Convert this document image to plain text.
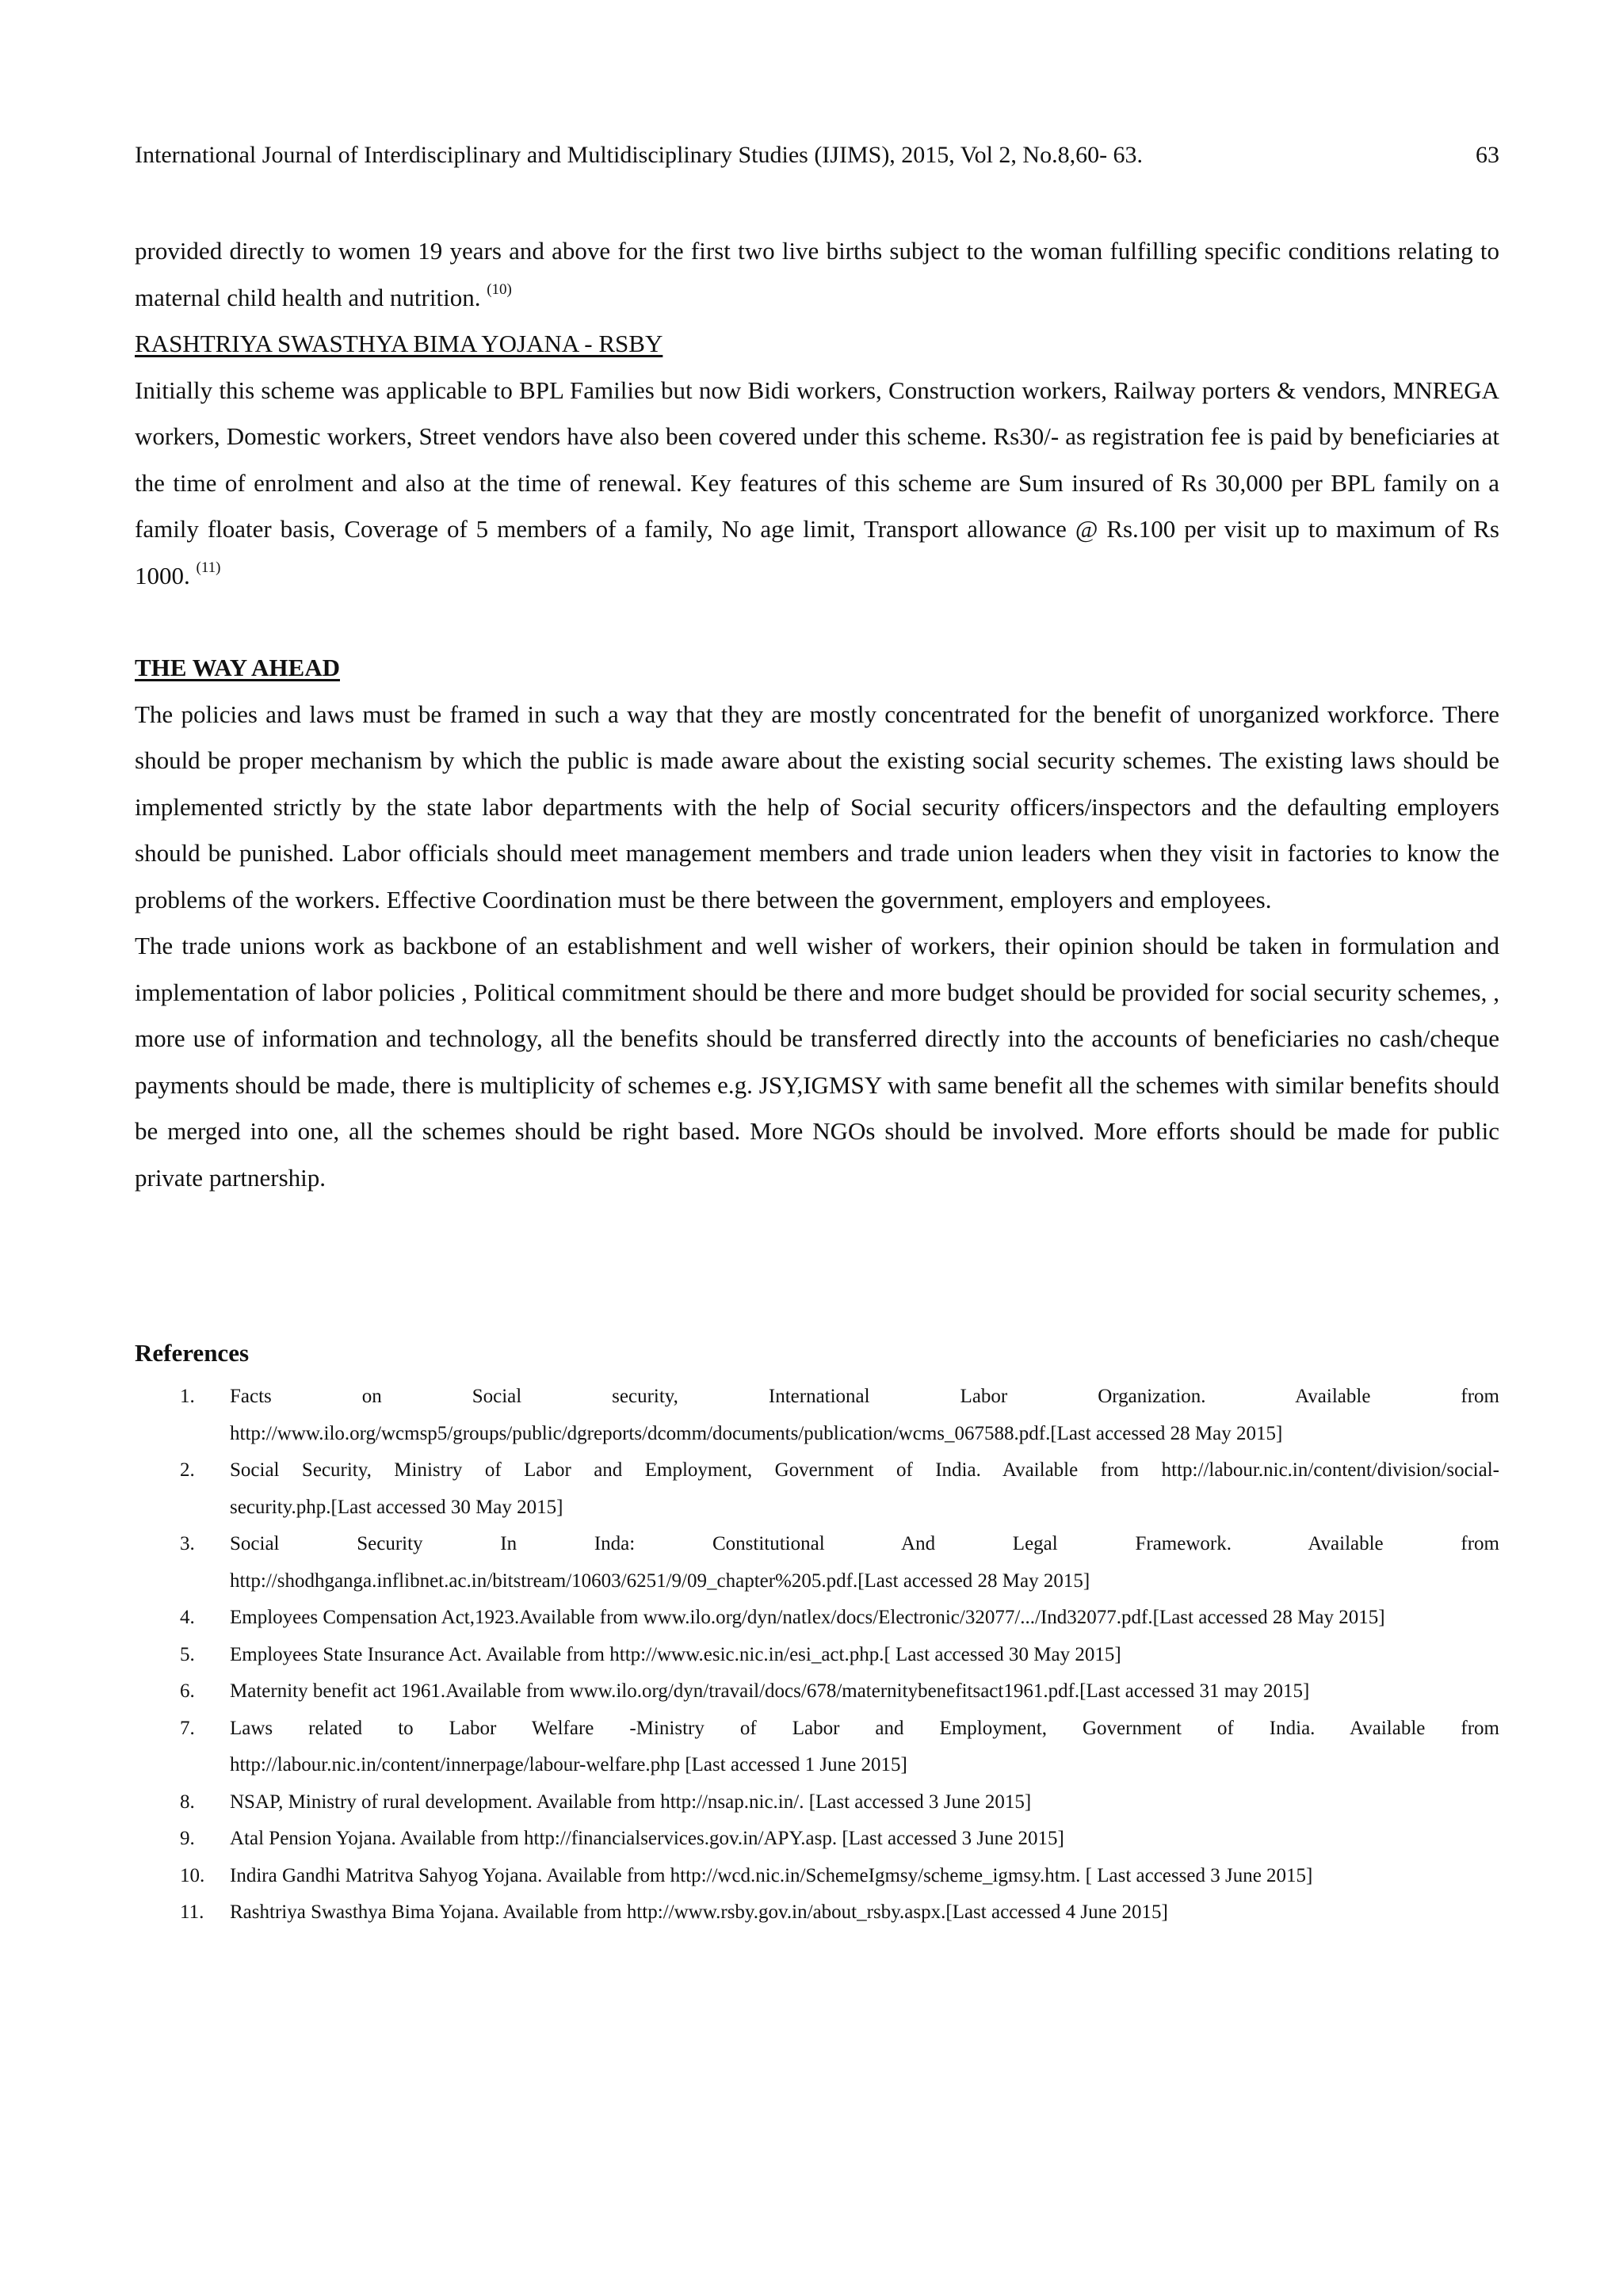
International Journal of Interdisciplinary and Multidisciplinary Studies (IJIMS), 2015, Vol 2, No.8,60- 63.	63

provided directly to women 19 years and above for the first two live births subject to the woman fulfilling specific conditions relating to maternal child health and nutrition. $^{(10)}$

RASHTRIYA SWASTHYA BIMA YOJANA - RSBY

Initially this scheme was applicable to BPL Families but now Bidi workers, Construction workers, Railway porters & vendors, MNREGA workers, Domestic workers, Street vendors have also been covered under this scheme. Rs30/- as registration fee is paid by beneficiaries at the time of enrolment and also at the time of renewal. Key features of this scheme are Sum insured of Rs 30,000 per BPL family on a family floater basis, Coverage of 5 members of a family, No age limit, Transport allowance @ Rs.100 per visit up to maximum of Rs 1000. $^{(11)}$

THE WAY AHEAD

The policies and laws must be framed in such a way that they are mostly concentrated for the benefit of unorganized workforce. There should be proper mechanism by which the public is made aware about the existing social security schemes. The existing laws should be implemented strictly by the state labor departments with the help of Social security officers/inspectors and the defaulting employers should be punished. Labor officials should meet management members and trade union leaders when they visit in factories to know the problems of the workers. Effective Coordination must be there between the government, employers and employees.

The trade unions work as backbone of an establishment and well wisher of workers, their opinion should be taken in formulation and implementation of labor policies , Political commitment should be there and more budget should be provided for social security schemes, , more use of information and technology, all the benefits should be transferred directly into the accounts of beneficiaries no cash/cheque payments should be made, there is multiplicity of schemes e.g. JSY,IGMSY with same benefit all the schemes with similar benefits should be merged into one, all the schemes should be right based. More NGOs should be involved. More efforts should be made for public private partnership.

References
1. Facts on Social security, International Labor Organization. Available from
http://www.ilo.org/wcmsp5/groups/public/dgreports/dcomm/documents/publication/wcms_067588.pdf.[Last accessed 28 May 2015]
2. Social Security, Ministry of Labor and Employment, Government of India. Available from http://labour.nic.in/content/division/social-
security.php.[Last accessed 30 May 2015]
3. Social Security In Inda: Constitutional And Legal Framework. Available from
http://shodhganga.inflibnet.ac.in/bitstream/10603/6251/9/09_chapter%205.pdf.[Last accessed 28 May 2015]
4. Employees Compensation Act,1923.Available from www.ilo.org/dyn/natlex/docs/Electronic/32077/.../Ind32077.pdf.[Last accessed 28 May 2015]
5. Employees State Insurance Act. Available from http://www.esic.nic.in/esi_act.php.[ Last accessed 30 May 2015]
6. Maternity benefit act 1961.Available from www.ilo.org/dyn/travail/docs/678/maternitybenefitsact1961.pdf.[Last accessed 31 may 2015]
7. Laws related to Labor Welfare -Ministry of Labor and Employment, Government of India. Available from
http://labour.nic.in/content/innerpage/labour-welfare.php [Last accessed 1 June 2015]
8. NSAP, Ministry of rural development. Available from http://nsap.nic.in/. [Last accessed 3 June 2015]
9. Atal Pension Yojana. Available from http://financialservices.gov.in/APY.asp. [Last accessed 3 June 2015]
10. Indira Gandhi Matritva Sahyog Yojana. Available from http://wcd.nic.in/SchemeIgmsy/scheme_igmsy.htm. [ Last accessed 3 June 2015]
11. Rashtriya Swasthya Bima Yojana. Available from http://www.rsby.gov.in/about_rsby.aspx.[Last accessed 4 June 2015]
